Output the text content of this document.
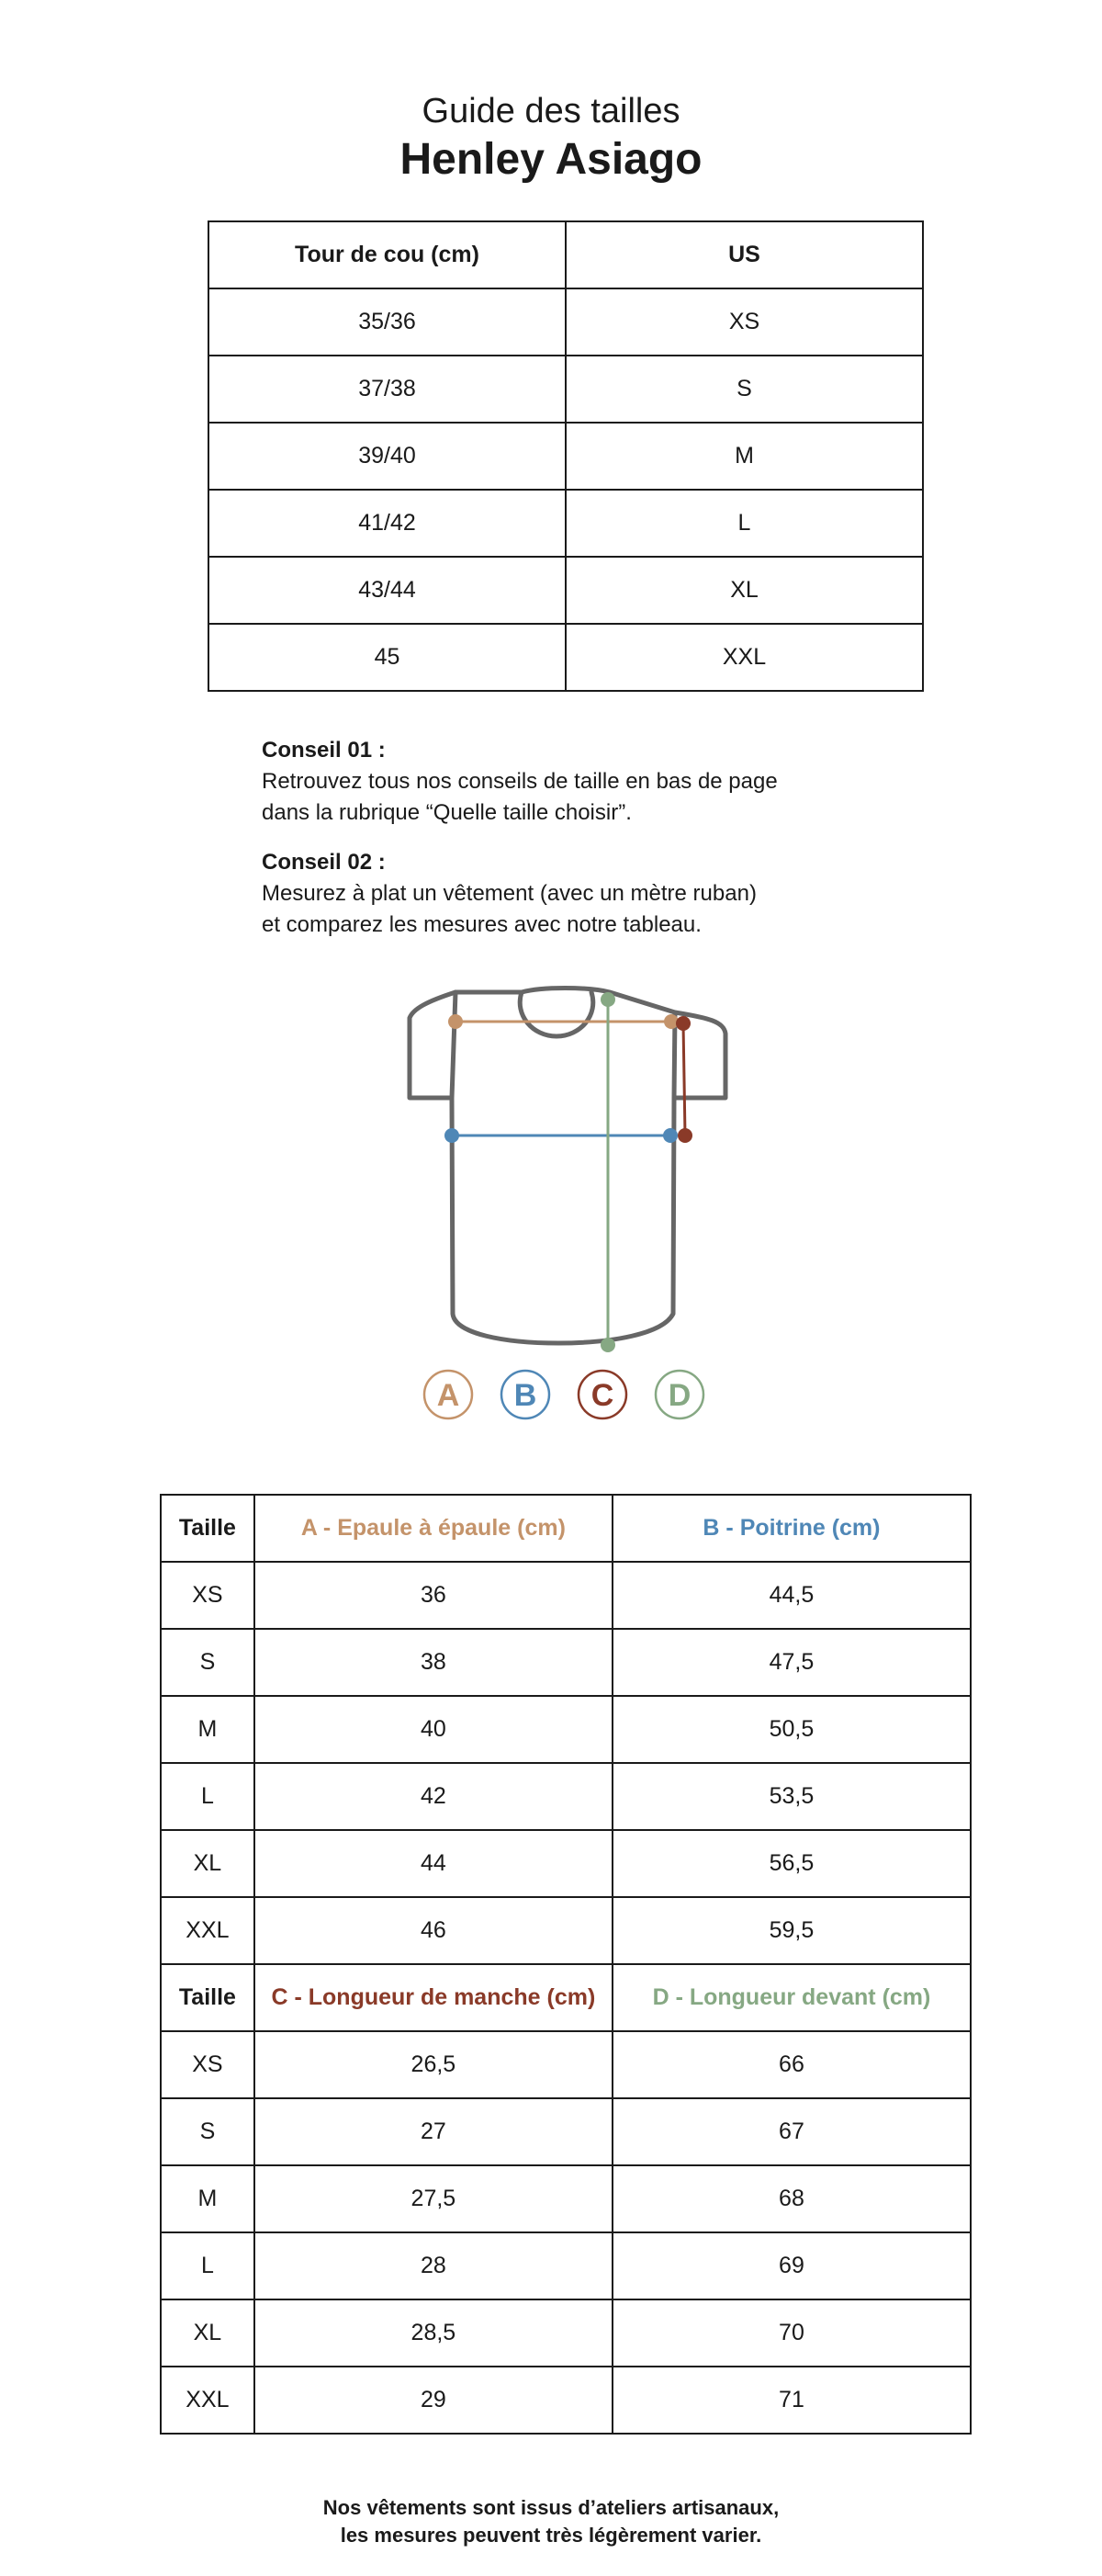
Guide des tailles
Henley Asiago
Tour de cou (cm)	US
35/36	XS
37/38	S
39/40	M
41/42	L
43/44	XL
45	XXL
Conseil 01 :
Retrouvez tous nos conseils de taille en bas de page
dans la rubrique “Quelle taille choisir”.
Conseil 02 :
Mesurez à plat un vêtement (avec un mètre ruban)
et comparez les mesures avec notre tableau.
A B C D
Taille	A - Epaule à épaule (cm)	B - Poitrine (cm)
XS	36	44,5
S	38	47,5
M	40	50,5
L	42	53,5
XL	44	56,5
XXL	46	59,5
Taille	C - Longueur de manche (cm)	D - Longueur devant (cm)
XS	26,5	66
S	27	67
M	27,5	68
L	28	69
XL	28,5	70
XXL	29	71
Nos vêtements sont issus d’ateliers artisanaux,
les mesures peuvent très légèrement varier.
